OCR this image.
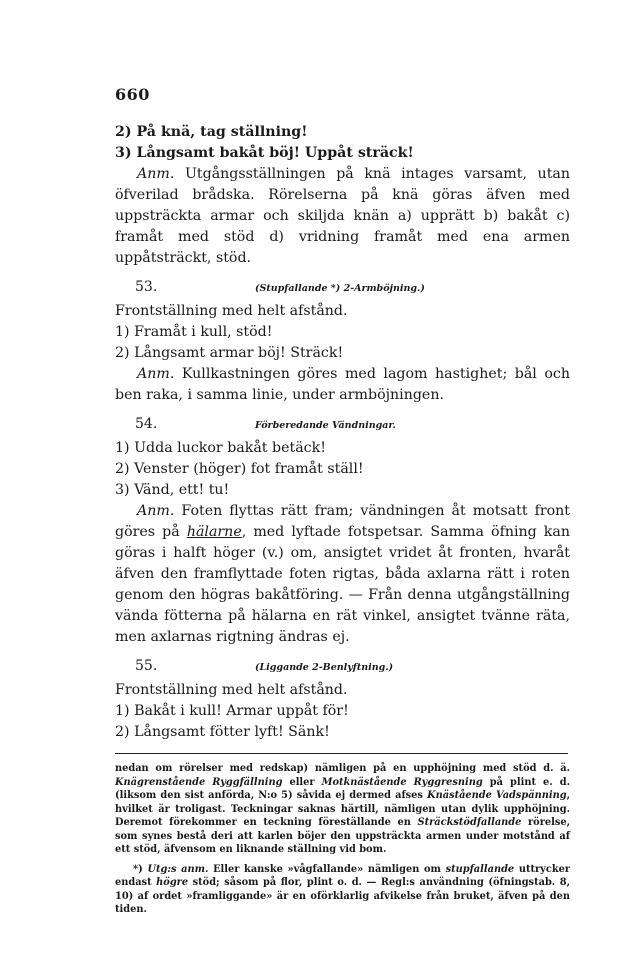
660
2) På knä, tag ställning!
3) Långsamt bakåt böj! Uppåt sträck!
Anm. Utgångsställningen på knä intages varsamt, utan öfverilad brådska. Rörelserna på knä göras äfven med uppsträckta armar och skiljda knän a) upprätt b) bakåt c) framåt med stöd d) vridning framåt med ena armen uppåtsträckt, stöd.
53.	(Stupfallande *) 2-Armböjning.)
Frontställning med helt afstånd.
1) Framåt i kull, stöd!
2) Långsamt armar böj! Sträck!
Anm. Kullkastningen göres med lagom hastighet; bål och ben raka, i samma linie, under armböjningen.
54.	Förberedande Vändningar.
1) Udda luckor bakåt betäck!
2) Venster (höger) fot framåt ställ!
3) Vänd, ett! tu!
Anm. Foten flyttas rätt fram; vändningen åt motsatt front göres på hälarne, med lyftade fotspetsar. Samma öfning kan göras i halft höger (v.) om, ansigtet vridet åt fronten, hvaråt äfven den framflyttade foten rigtas, båda axlarna rätt i roten genom den högras bakåtföring. — Från denna utgångställning vända fötterna på hälarna en rät vinkel, ansigtet tvänne räta, men axlarnas rigtning ändras ej.
55.	(Liggande 2-Benlyftning.)
Frontställning med helt afstånd.
1) Bakåt i kull! Armar uppåt för!
2) Långsamt fötter lyft! Sänk!

nedan om rörelser med redskap) nämligen på en upphöjning med stöd d. ä. Knägrenstående Ryggfällning eller Motknästående Ryggresning på plint e. d. (liksom den sist anförda, N:o 5) såvida ej dermed afses Knästående Vadspänning, hvilket är troligast. Teckningar saknas härtill, nämligen utan dylik upphöjning. Deremot förekommer en teckning föreställande en Sträckstödfallande rörelse, som synes bestå deri att karlen böjer den uppsträckta armen under motstånd af ett stöd, äfvensom en liknande ställning vid bom.

*) Utg:s anm. Eller kanske »vågfallande» nämligen om stupfallande uttrycker endast högre stöd; såsom på flor, plint o. d. — Regl:s användning (öfningstab. 8, 10) af ordet »framliggande» är en oförklarlig afvikelse från bruket, äfven på den tiden.
